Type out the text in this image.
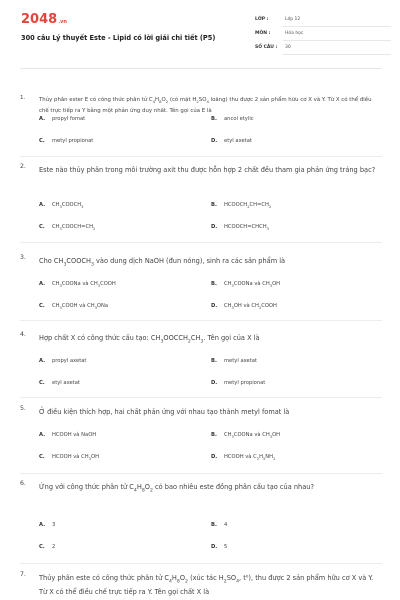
2048.vn
300 câu Lý thuyết Este - Lipid có lời giải chi tiết (P5)
LỚP :	Lớp 12
MÔN :	Hóa học
SỐ CÂU : 30
1.	Thủy phân ester E có công thức phân tử $C_4H_8O_2$ (có mặt $H_2SO_4$ loãng) thu được 2 sản phẩm hữu cơ X và Y. Từ X có thể điều chế trực tiếp ra Y bằng một phản ứng duy nhất. Tên gọi của E là
A. propyl fomat	B. ancol etylic
C. metyl propionat	D. etyl axetat
2. Este nào thủy phân trong môi trường axit thu được hỗn hợp 2 chất đều tham gia phản ứng tráng bạc?
A. $CH_3COOCH_3$	B. $HCOOCH_2CH=CH_2$
C. $CH_3COOCH=CH_2$	D. $HCOOCH=CHCH_3$
3. Cho $CH_3COOCH_3$ vào dung dịch NaOH (đun nóng), sinh ra các sản phẩm là
A. $CH_3COONa$ và $CH_3COOH$	B. $CH_3COONa$ và $CH_3OH$
C. $CH_3COOH$ và $CH_3ONa$	D. $CH_3OH$ và $CH_3COOH$
4. Hợp chất X có công thức cấu tạo: $CH_3OOCCH_2CH_3$. Tên gọi của X là
A. propyl axetat	B. metyl axetat
C. etyl axetat	D. metyl propionat
5. Ở điều kiện thích hợp, hai chất phản ứng với nhau tạo thành metyl fomat là
A. HCOOH và NaOH	B. $CH_3COONa$ và $CH_3OH$
C. HCOOH và $CH_3OH$	D. HCOOH và $C_2H_5NH_2$
6. Ứng với công thức phân tử $C_4H_8O_2$ có bao nhiêu este đồng phân cấu tạo của nhau?
A. 3	B. 4
C. 2	D. 5
7. Thủy phân este có công thức phân tử $C_4H_8O_2$ (xúc tác $H_2SO_4$, t⁰), thu được 2 sản phẩm hữu cơ X và Y. Từ X có thể điều chế trực tiếp ra Y. Tên gọi chất X là
